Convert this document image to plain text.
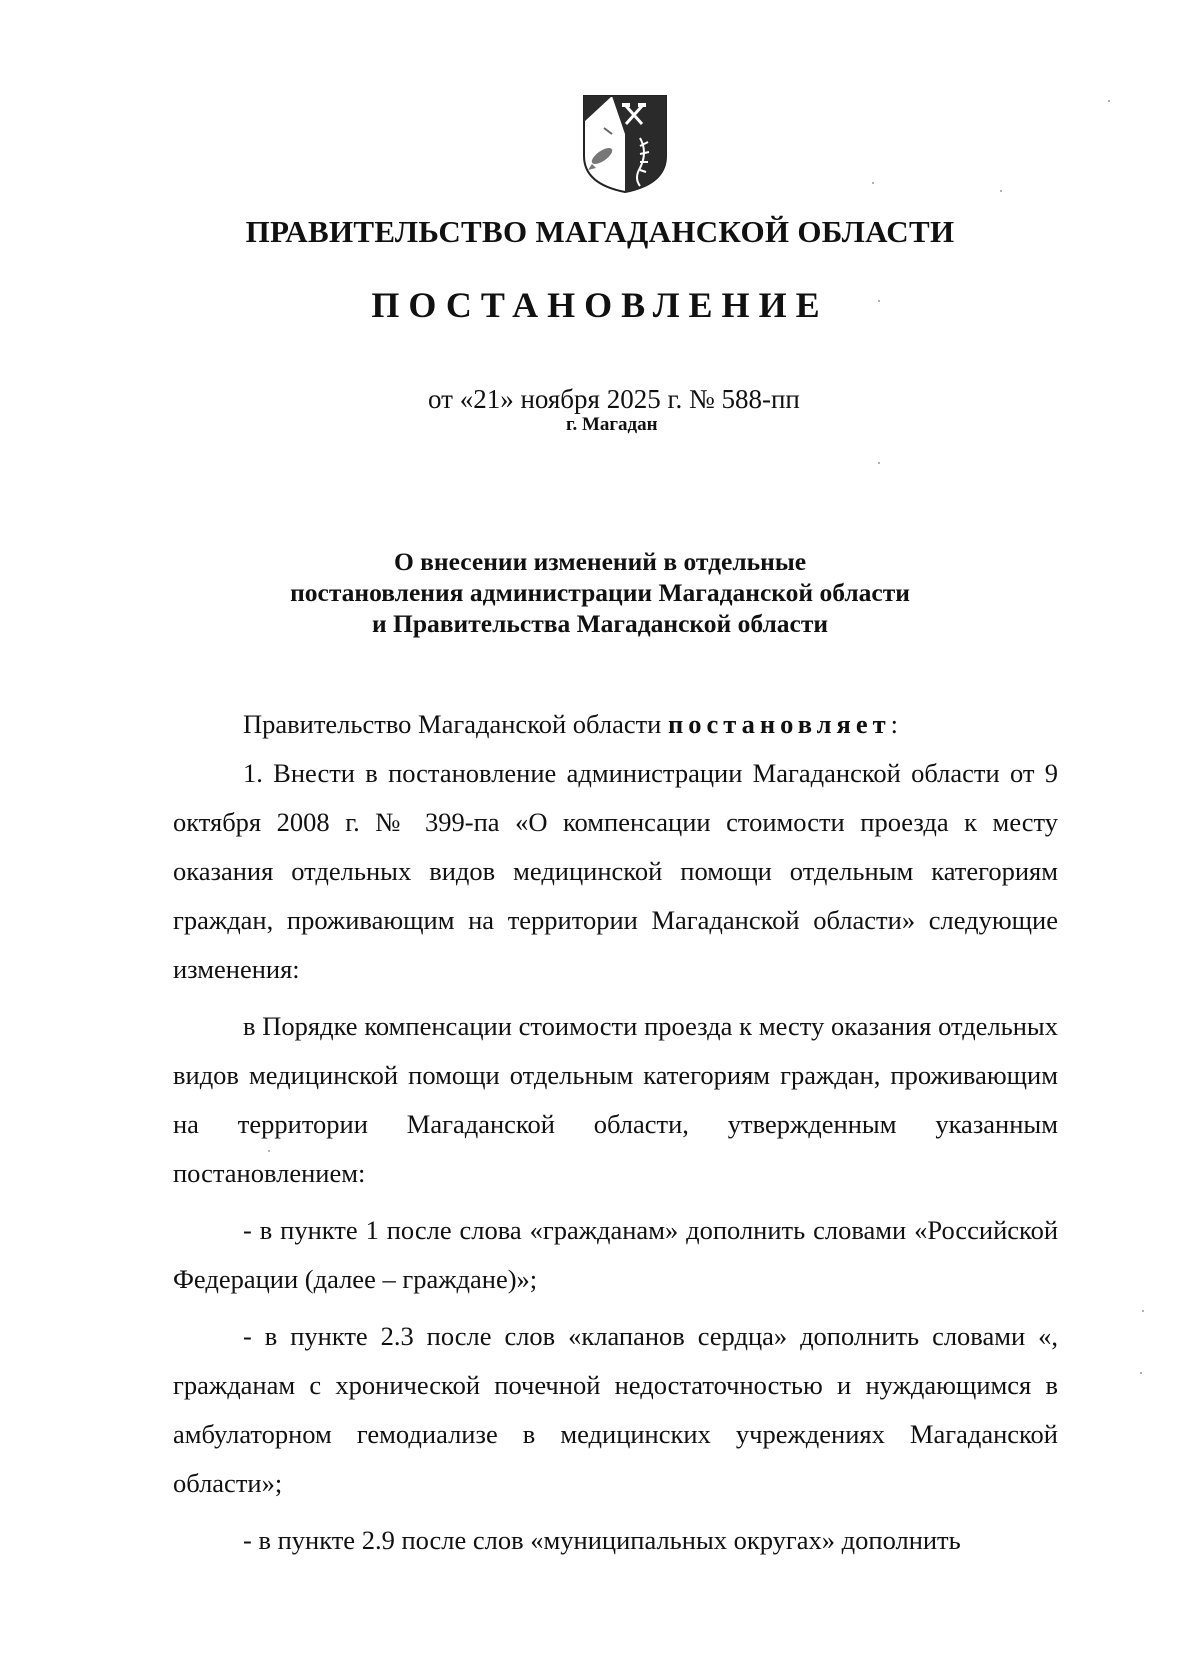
ПРАВИТЕЛЬСТВО МАГАДАНСКОЙ ОБЛАСТИ
ПОСТАНОВЛЕНИЕ
от «21» ноября 2025 г. № 588-пп
г. Магадан
О внесении изменений в отдельные
постановления администрации Магаданской области
и Правительства Магаданской области

Правительство Магаданской области постановляет:

1. Внести в постановление администрации Магаданской области от 9 октября 2008 г. № 399-па «О компенсации стоимости проезда к месту оказания отдельных видов медицинской помощи отдельным категориям граждан, проживающим на территории Магаданской области» следующие изменения:

в Порядке компенсации стоимости проезда к месту оказания отдельных видов медицинской помощи отдельным категориям граждан, проживающим на территории Магаданской области, утвержденным указанным постановлением:

- в пункте 1 после слова «гражданам» дополнить словами «Российской Федерации (далее – граждане)»;

- в пункте 2.3 после слов «клапанов сердца» дополнить словами «, гражданам с хронической почечной недостаточностью и нуждающимся в амбулаторном гемодиализе в медицинских учреждениях Магаданской области»;

- в пункте 2.9 после слов «муниципальных округах» дополнить
